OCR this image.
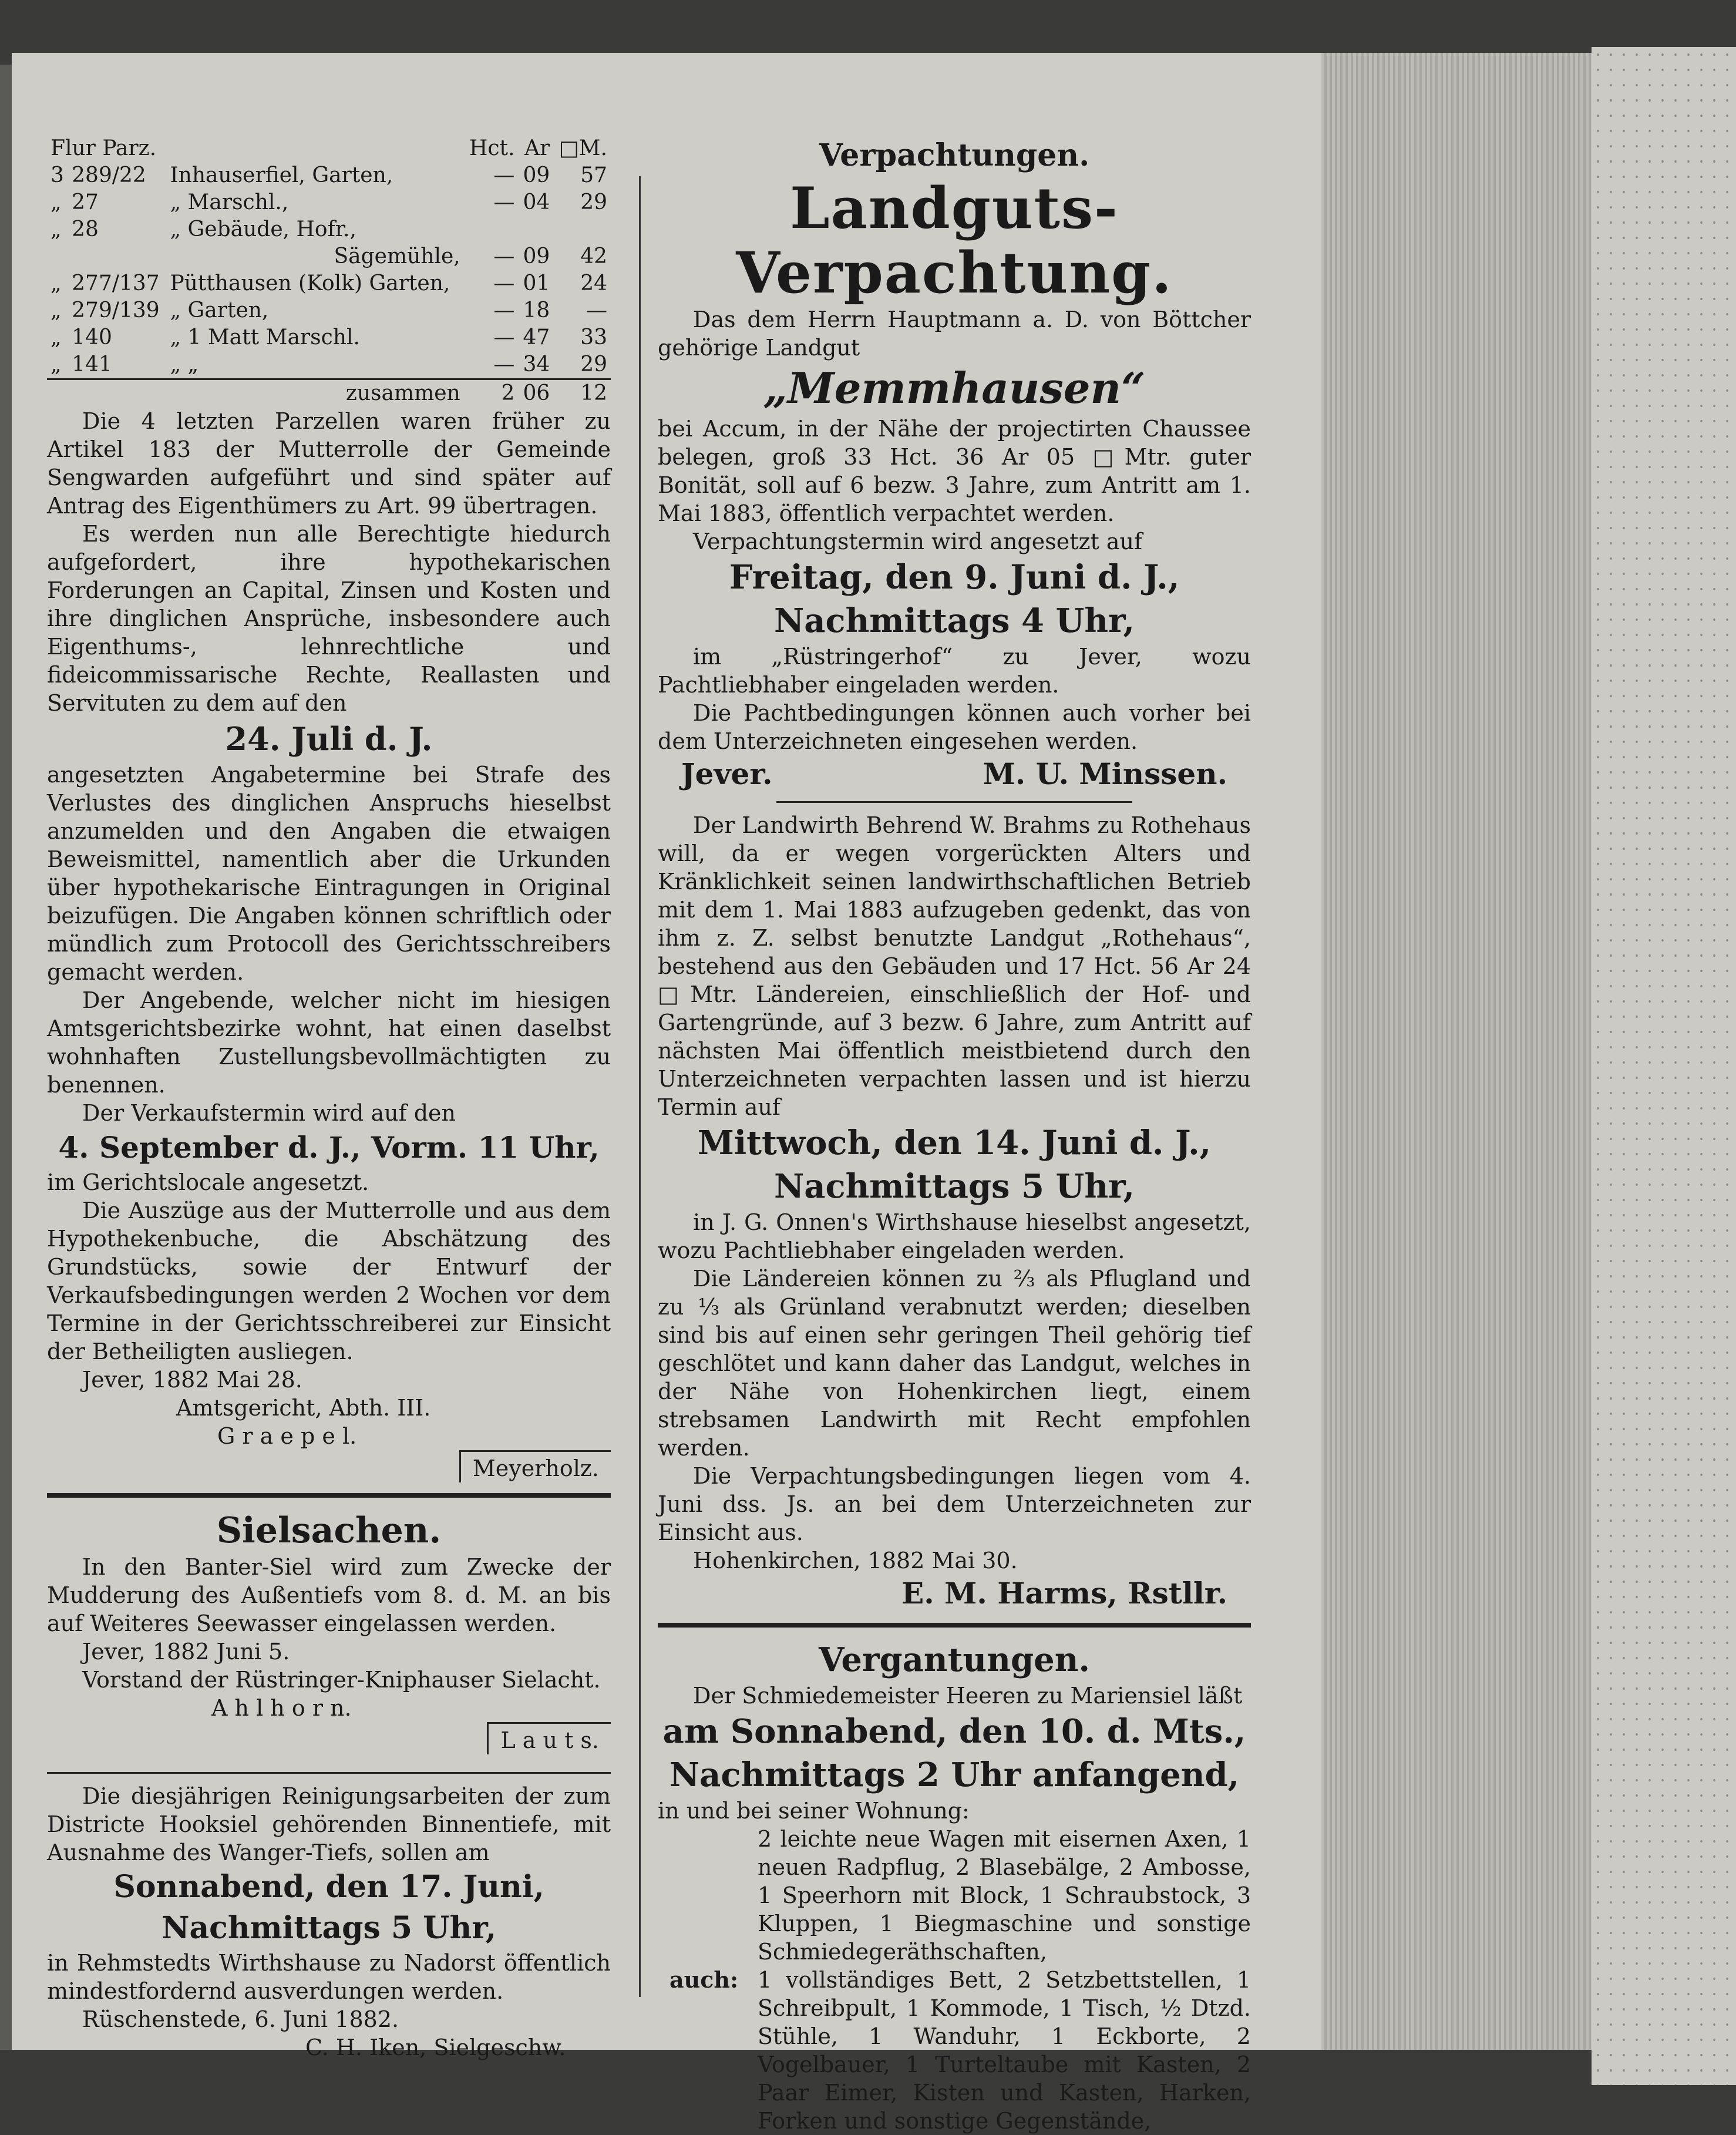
Flur Parz.			Hct.	Ar	□M.
3	289/22	Inhauserfiel, Garten,	—	09	57
„	27	„ Marschl.,	—	04	29
„	28	„ Gebäude, Hofr.,			
		Sägemühle,	—	09	42
„	277/137	Pütthausen (Kolk) Garten,	—	01	24
„	279/139	„ Garten,	—	18	—
„	140	„ 1 Matt Marschl.	—	47	33
„	141	„ „	—	34	29
		zusammen	2	06	12

Die 4 letzten Parzellen waren früher zu Artikel 183 der Mutterrolle der Gemeinde Sengwarden aufgeführt und sind später auf Antrag des Eigenthümers zu Art. 99 übertragen.

Es werden nun alle Berechtigte hiedurch aufgefordert, ihre hypothekarischen Forderungen an Capital, Zinsen und Kosten und ihre dinglichen Ansprüche, insbesondere auch Eigenthums-, lehnrechtliche und fideicommissarische Rechte, Reallasten und Servituten zu dem auf den

24. Juli d. J.

angesetzten Angabetermine bei Strafe des Verlustes des dinglichen Anspruchs hieselbst anzumelden und den Angaben die etwaigen Beweismittel, namentlich aber die Urkunden über hypothekarische Eintragungen in Original beizufügen. Die Angaben können schriftlich oder mündlich zum Protocoll des Gerichtsschreibers gemacht werden.

Der Angebende, welcher nicht im hiesigen Amtsgerichtsbezirke wohnt, hat einen daselbst wohnhaften Zustellungsbevollmächtigten zu benennen.

Der Verkaufstermin wird auf den

4. September d. J., Vorm. 11 Uhr,

im Gerichtslocale angesetzt.

Die Auszüge aus der Mutterrolle und aus dem Hypothekenbuche, die Abschätzung des Grundstücks, sowie der Entwurf der Verkaufsbedingungen werden 2 Wochen vor dem Termine in der Gerichtsschreiberei zur Einsicht der Betheiligten ausliegen.

Jever, 1882 Mai 28.

Amtsgericht, Abth. III.

G r a e p e l.

Meyerholz.

Sielsachen.

In den Banter-Siel wird zum Zwecke der Mudderung des Außentiefs vom 8. d. M. an bis auf Weiteres Seewasser eingelassen werden.

Jever, 1882 Juni 5.

Vorstand der Rüstringer-Kniphauser Sielacht.

A h l h o r n.

L a u t s.

Die diesjährigen Reinigungsarbeiten der zum Districte Hooksiel gehörenden Binnentiefe, mit Ausnahme des Wanger-Tiefs, sollen am

Sonnabend, den 17. Juni,

Nachmittags 5 Uhr,

in Rehmstedts Wirthshause zu Nadorst öffentlich mindestfordernd ausverdungen werden.

Rüschenstede, 6. Juni 1882.

C. H. Iken, Sielgeschw.

Verpachtungen.

Landguts-Verpachtung.

Das dem Herrn Hauptmann a. D. von Böttcher gehörige Landgut

„Memmhausen“

bei Accum, in der Nähe der projectirten Chaussee belegen, groß 33 Hct. 36 Ar 05 □Mtr. guter Bonität, soll auf 6 bezw. 3 Jahre, zum Antritt am 1. Mai 1883, öffentlich verpachtet werden.

Verpachtungstermin wird angesetzt auf

Freitag, den 9. Juni d. J.,

Nachmittags 4 Uhr,

im „Rüstringerhof“ zu Jever, wozu Pachtliebhaber eingeladen werden.

Die Pachtbedingungen können auch vorher bei dem Unterzeichneten eingesehen werden.

Jever.	M. U. Minssen.

Der Landwirth Behrend W. Brahms zu Rothehaus will, da er wegen vorgerückten Alters und Kränklichkeit seinen landwirthschaftlichen Betrieb mit dem 1. Mai 1883 aufzugeben gedenkt, das von ihm z. Z. selbst benutzte Landgut „Rothehaus“, bestehend aus den Gebäuden und 17 Hct. 56 Ar 24 □Mtr. Ländereien, einschließlich der Hof- und Gartengründe, auf 3 bezw. 6 Jahre, zum Antritt auf nächsten Mai öffentlich meistbietend durch den Unterzeichneten verpachten lassen und ist hierzu Termin auf

Mittwoch, den 14. Juni d. J.,

Nachmittags 5 Uhr,

in J. G. Onnen's Wirthshause hieselbst angesetzt, wozu Pachtliebhaber eingeladen werden.

Die Ländereien können zu ⅔ als Pflugland und zu ⅓ als Grünland verabnutzt werden; dieselben sind bis auf einen sehr geringen Theil gehörig tief geschlötet und kann daher das Landgut, welches in der Nähe von Hohenkirchen liegt, einem strebsamen Landwirth mit Recht empfohlen werden.

Die Verpachtungsbedingungen liegen vom 4. Juni dss. Js. an bei dem Unterzeichneten zur Einsicht aus.

Hohenkirchen, 1882 Mai 30.

E. M. Harms, Rstllr.

Vergantungen.

Der Schmiedemeister Heeren zu Mariensiel läßt

am Sonnabend, den 10. d. Mts.,

Nachmittags 2 Uhr anfangend,

in und bei seiner Wohnung:

2 leichte neue Wagen mit eisernen Axen, 1 neuen Radpflug, 2 Blasebälge, 2 Ambosse, 1 Speerhorn mit Block, 1 Schraubstock, 3 Kluppen, 1 Biegmaschine und sonstige Schmiedegeräthschaften,

auch: 1 vollständiges Bett, 2 Setzbettstellen, 1 Schreibpult, 1 Kommode, 1 Tisch, ½ Dtzd. Stühle, 1 Wanduhr, 1 Eckborte, 2 Vogelbauer, 1 Turteltaube mit Kasten, 2 Paar Eimer, Kisten und Kasten, Harken, Forken und sonstige Gegenstände,
